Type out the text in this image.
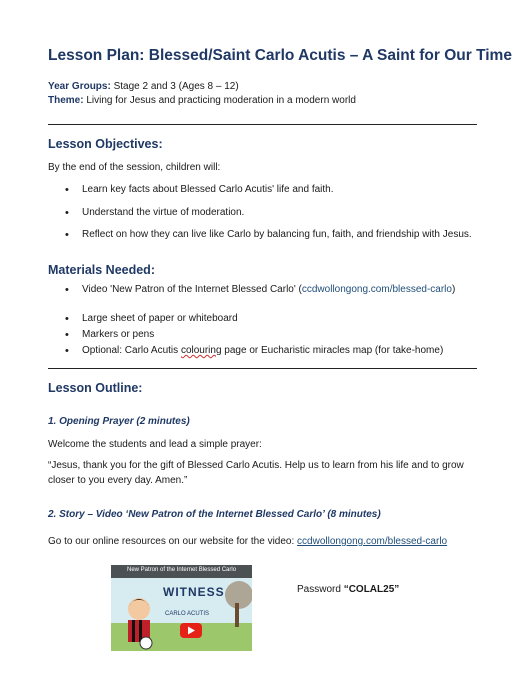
Lesson Plan: Blessed/Saint Carlo Acutis – A Saint for Our Time
Year Groups: Stage 2 and 3 (Ages 8 – 12)
Theme: Living for Jesus and practicing moderation in a modern world
Lesson Objectives:
By the end of the session, children will:
• Learn key facts about Blessed Carlo Acutis' life and faith.
• Understand the virtue of moderation.
• Reflect on how they can live like Carlo by balancing fun, faith, and friendship with Jesus.
Materials Needed:
• Video 'New Patron of the Internet Blessed Carlo' (ccdwollongong.com/blessed-carlo)
• Large sheet of paper or whiteboard
• Markers or pens
• Optional: Carlo Acutis colouring page or Eucharistic miracles map (for take-home)
Lesson Outline:
1. Opening Prayer (2 minutes)
Welcome the students and lead a simple prayer:
“Jesus, thank you for the gift of Blessed Carlo Acutis. Help us to learn from his life and to grow closer to you every day. Amen.”
2. Story – Video ‘New Patron of the Internet Blessed Carlo’ (8 minutes)
Go to our online resources on our website for the video: ccdwollongong.com/blessed-carlo
New Patron of the Internet Blessed Carlo
WITNESS
CARLO ACUTIS
Password “COLAL25”
